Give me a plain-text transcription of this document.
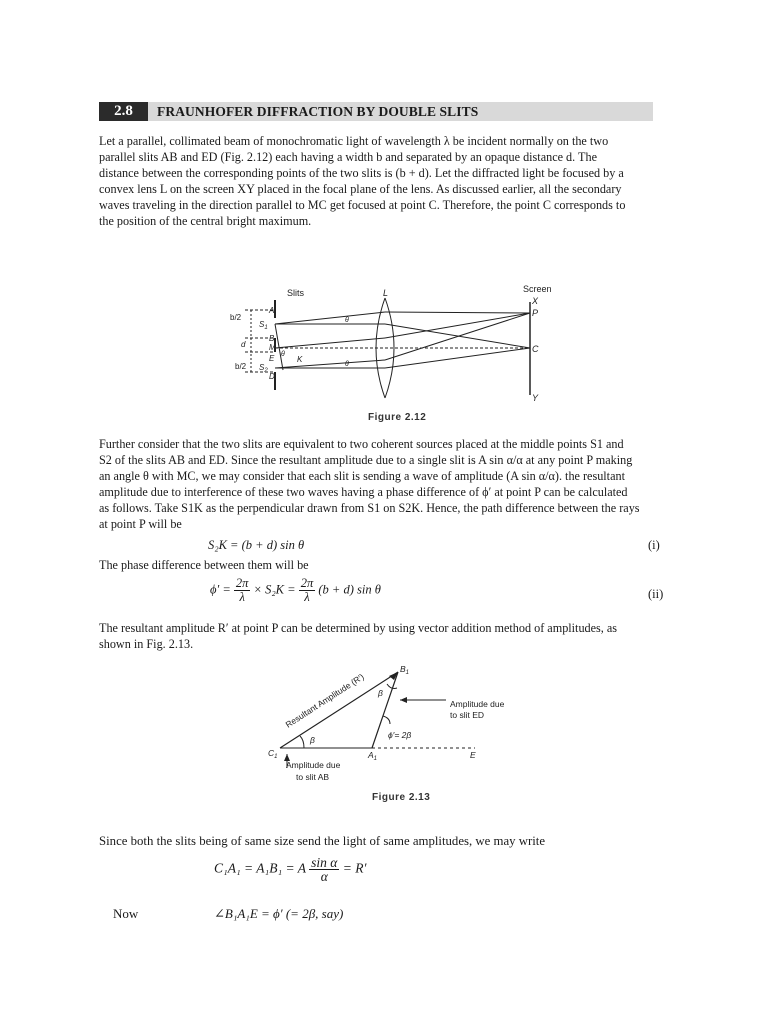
2.8	FRAUNHOFER DIFFRACTION BY DOUBLE SLITS
Let a parallel, collimated beam of monochromatic light of wavelength λ be incident normally on the two
parallel slits AB and ED (Fig. 2.12) each having a width b and separated by an opaque distance d. The
distance between the corresponding points of the two slits is (b + d). Let the diffracted light be focused by a
convex lens L on the screen XY placed in the focal plane of the lens. As discussed earlier, all the secondary
waves traveling in the direction parallel to MC get focused at point C. Therefore, the point C corresponds to
the position of the central bright maximum.
Slits	Screen
X
P
C
Y
L
A
$S_1$
B
M
E
$S_2$
D
K
b/2
d
b/2
θ
θ
θ
Figure 2.12
Further consider that the two slits are equivalent to two coherent sources placed at the middle points S1 and
S2 of the slits AB and ED. Since the resultant amplitude due to a single slit is A sin α/α at any point P making
an angle θ with MC, we may consider that each slit is sending a wave of amplitude (A sin α/α). the resultant
amplitude due to interference of these two waves having a phase difference of ϕ′ at point P can be calculated
as follows. Take S1K as the perpendicular drawn from S1 on S2K. Hence, the path difference between the rays
at point P will be
S₂K = (b + d) sin θ	(i)
The phase difference between them will be
$\phi' = \frac{2\pi}{\lambda} \times S_2K = \frac{2\pi}{\lambda} (b + d)$ sin θ	(ii)
The resultant amplitude R′ at point P can be determined by using vector addition method of amplitudes, as
shown in Fig. 2.13.
Resultant Amplitude (R′)
$B_1$
$C_1$	$A_1$	E
β
β
ϕ′= 2β
Amplitude due
to slit ED
Amplitude due
to slit AB
Figure 2.13
Since both the slits being of same size send the light of same amplitudes, we may write
C₁A₁ = A₁B₁ = A $\frac{\text{sin α}}{\alpha} = R'$
Now	∠B₁A₁E = ϕ′ (= 2β, say)
